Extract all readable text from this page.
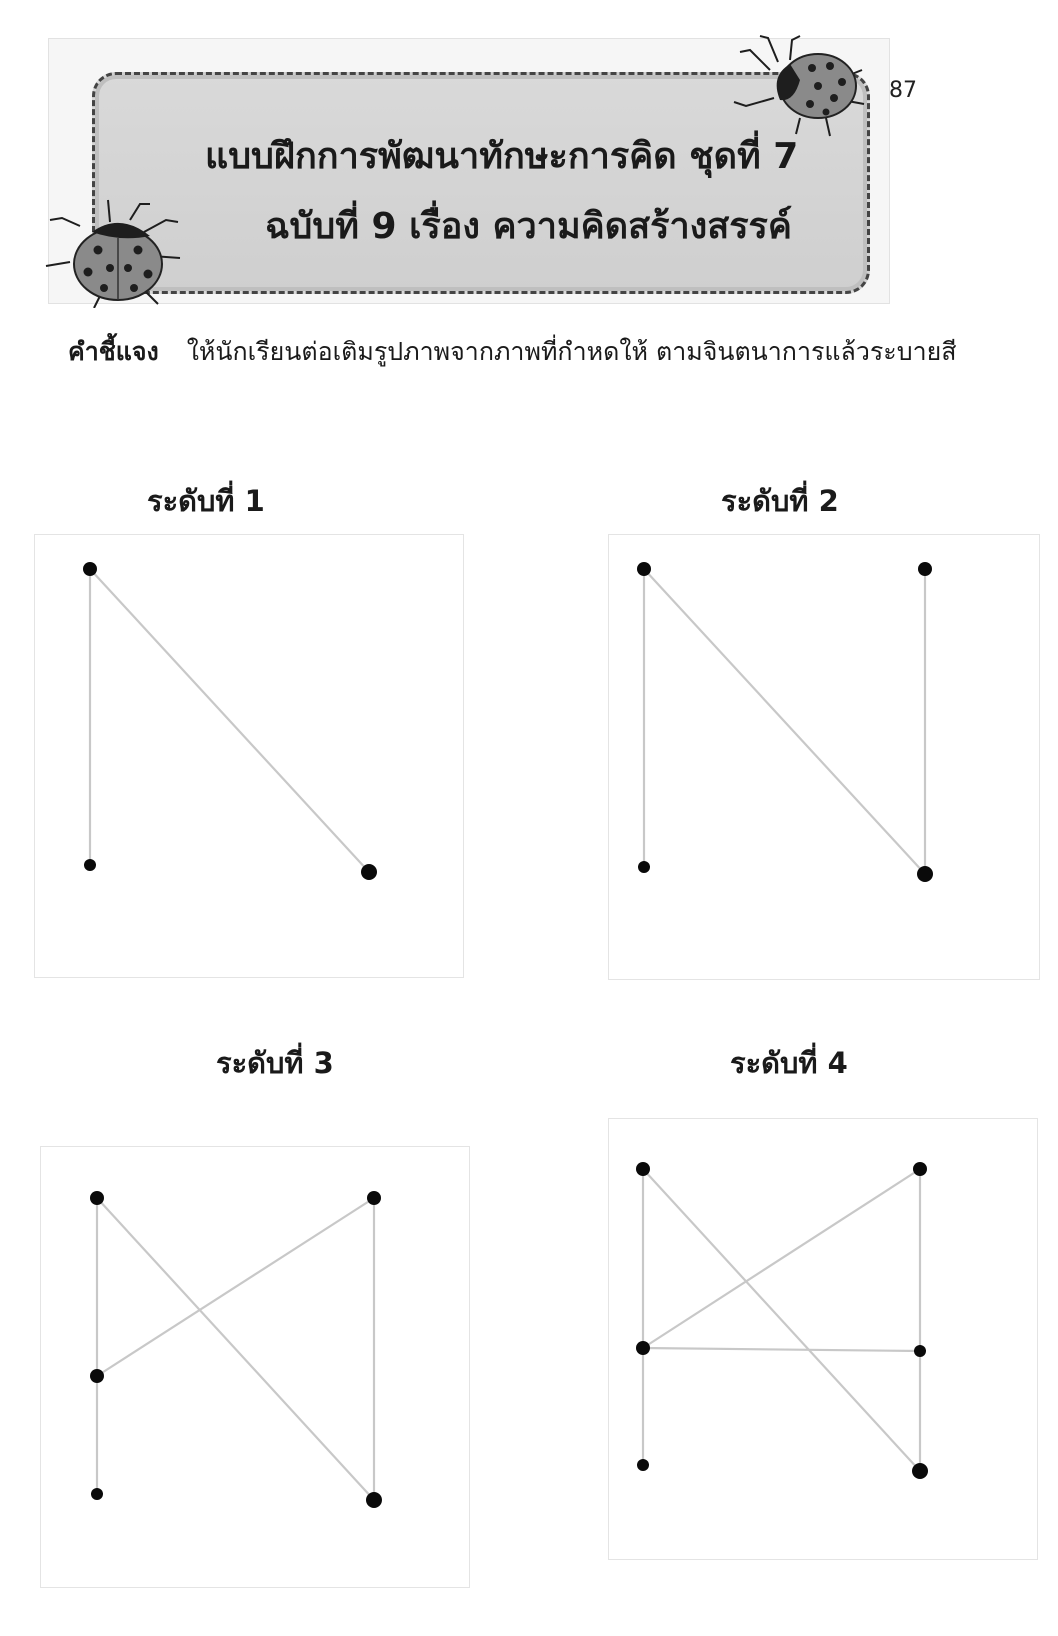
แบบฝึกการพัฒนาทักษะการคิด ชุดที่ 7
ฉบับที่ 9 เรื่อง ความคิดสร้างสรรค์
87
คำชี้แจง ให้นักเรียนต่อเติมรูปภาพจากภาพที่กำหดให้ ตามจินตนาการแล้วระบายสี
ระดับที่ 1	ระดับที่ 2
ระดับที่ 3	ระดับที่ 4
